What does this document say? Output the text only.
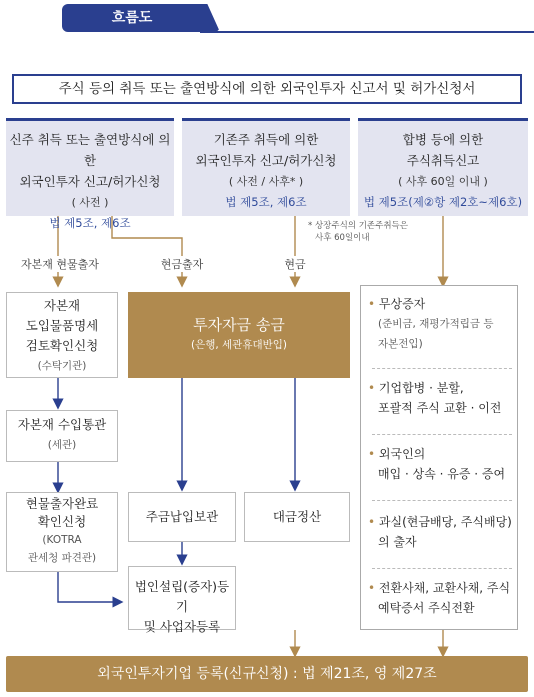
흐름도
주식 등의 취득 또는 출연방식에 의한 외국인투자 신고서 및 허가신청서
신주 취득 또는 출연방식에 의한
외국인투자 신고/허가신청
( 사전 )
법 제5조, 제6조
기존주 취득에 의한
외국인투자 신고/허가신청
( 사전 / 사후* )
법 제5조, 제6조
합병 등에 의한
주식취득신고
( 사후 60일 이내 )
법 제5조(제②항 제2호~제6호)
* 상장주식의 기존주취득은
사후 60일이내
자본재 현물출자	현금출자	현금
자본재
도입물품명세
검토확인신청
(수탁기관)
자본재 수입통관
(세관)
현물출자완료
확인신청
(KOTRA
관세청 파견관)
투자자금 송금
(은행, 세관휴대반입)
주금납입보관	대금정산
법인설립(증자)등기
및 사업자등록
• 무상증자
(준비금, 재평가적립금 등
자본전입)
• 기업합병 · 분할,
포괄적 주식 교환 · 이전
• 외국인의
매입 · 상속 · 유증 · 증여
• 과실(현금배당, 주식배당)
의 출자
• 전환사채, 교환사채, 주식
예탁증서 주식전환
외국인투자기업 등록(신규신청) : 법 제21조, 영 제27조
